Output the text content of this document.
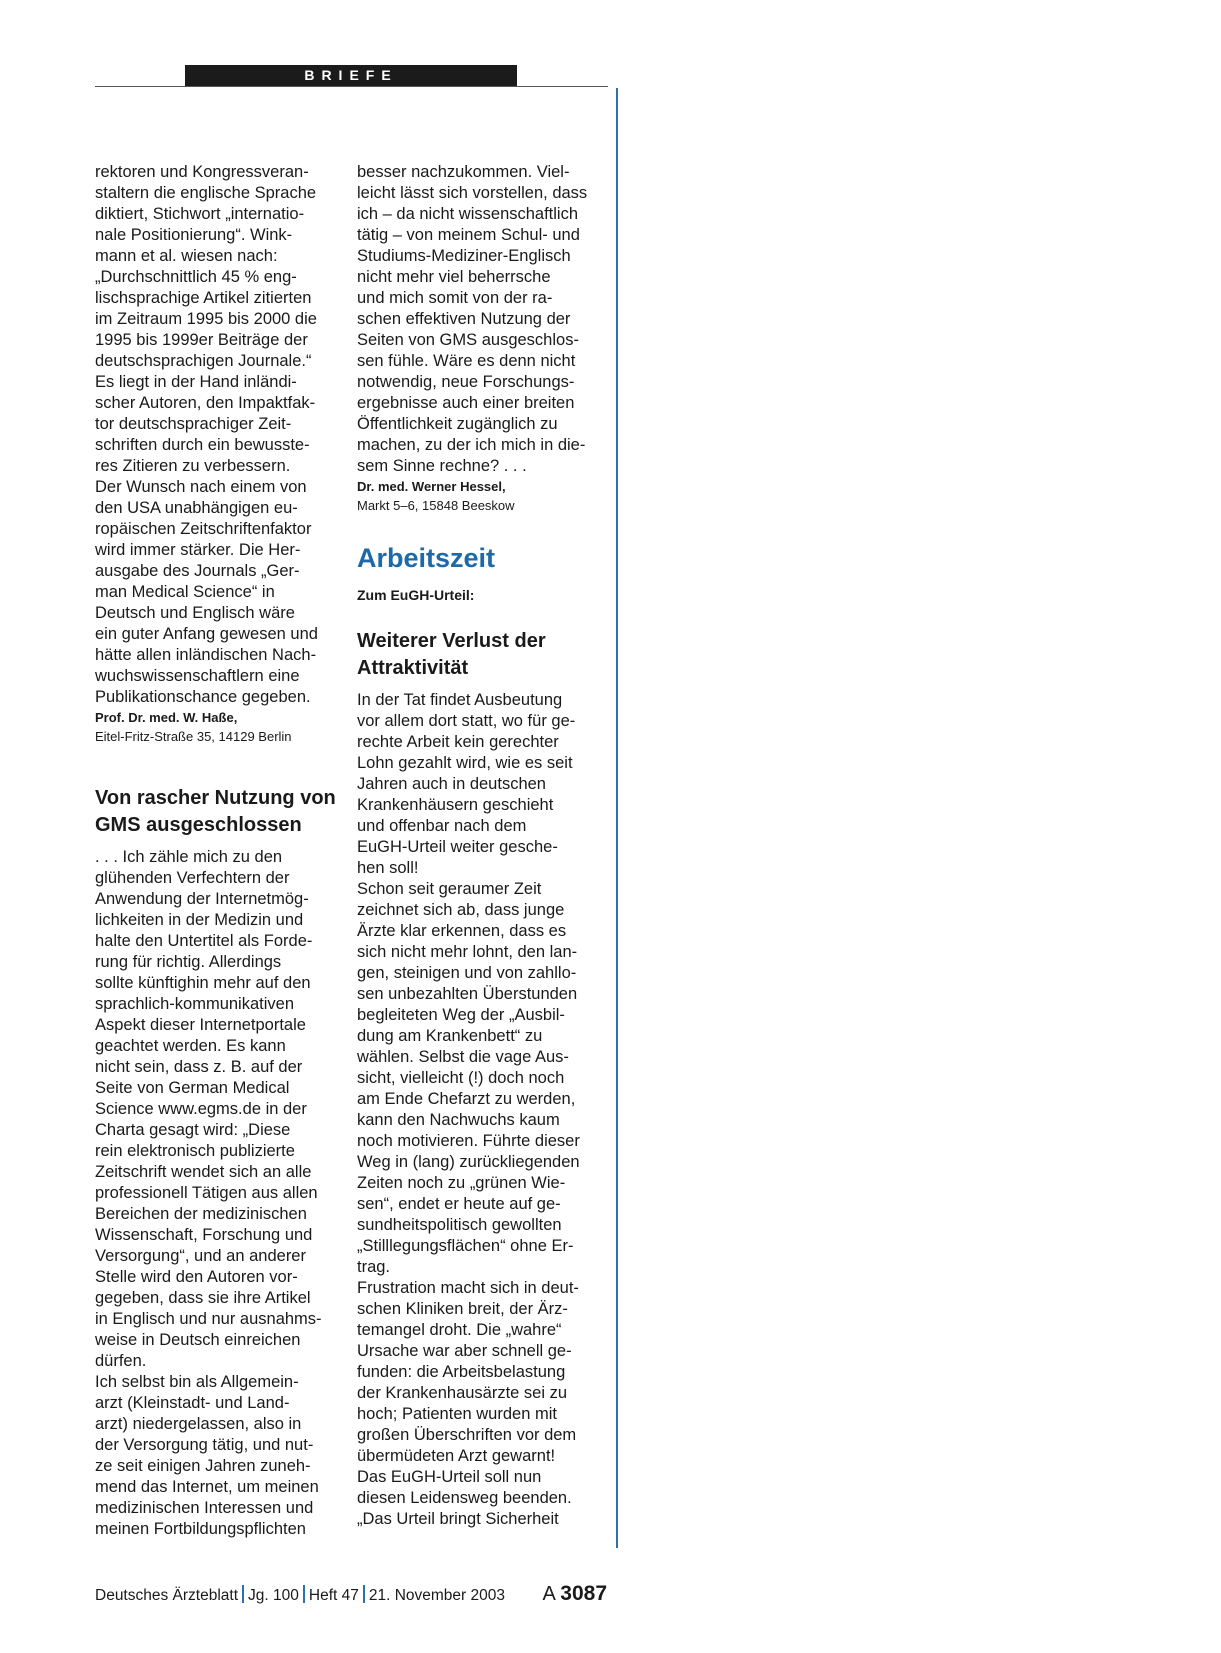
BRIEFE

rektoren und Kongressveran-

staltern die englische Sprache

diktiert, Stichwort „internatio-

nale Positionierung“. Wink-

mann et al. wiesen nach:

„Durchschnittlich 45 % eng-

lischsprachige Artikel zitierten

im Zeitraum 1995 bis 2000 die

1995 bis 1999er Beiträge der

deutschsprachigen Journale.“

Es liegt in der Hand inländi-

scher Autoren, den Impaktfak-

tor deutschsprachiger Zeit-

schriften durch ein bewusste-

res Zitieren zu verbessern.

Der Wunsch nach einem von

den USA unabhängigen eu-

ropäischen Zeitschriftenfaktor

wird immer stärker. Die Her-

ausgabe des Journals „Ger-

man Medical Science“ in

Deutsch und Englisch wäre

ein guter Anfang gewesen und

hätte allen inländischen Nach-

wuchswissenschaftlern eine

Publikationschance gegeben.

Prof. Dr. med. W. Haße,

Eitel-Fritz-Straße 35, 14129 Berlin

Von rascher Nutzung von

GMS ausgeschlossen

. . . Ich zähle mich zu den

glühenden Verfechtern der

Anwendung der Internetmög-

lichkeiten in der Medizin und

halte den Untertitel als Forde-

rung für richtig. Allerdings

sollte künftighin mehr auf den

sprachlich-kommunikativen

Aspekt dieser Internetportale

geachtet werden. Es kann

nicht sein, dass z. B. auf der

Seite von German Medical

Science www.egms.de in der

Charta gesagt wird: „Diese

rein elektronisch publizierte

Zeitschrift wendet sich an alle

professionell Tätigen aus allen

Bereichen der medizinischen

Wissenschaft, Forschung und

Versorgung“, und an anderer

Stelle wird den Autoren vor-

gegeben, dass sie ihre Artikel

in Englisch und nur ausnahms-

weise in Deutsch einreichen

dürfen.

Ich selbst bin als Allgemein-

arzt (Kleinstadt- und Land-

arzt) niedergelassen, also in

der Versorgung tätig, und nut-

ze seit einigen Jahren zuneh-

mend das Internet, um meinen

medizinischen Interessen und

meinen Fortbildungspflichten

besser nachzukommen. Viel-

leicht lässt sich vorstellen, dass

ich – da nicht wissenschaftlich

tätig – von meinem Schul- und

Studiums-Mediziner-Englisch

nicht mehr viel beherrsche

und mich somit von der ra-

schen effektiven Nutzung der

Seiten von GMS ausgeschlos-

sen fühle. Wäre es denn nicht

notwendig, neue Forschungs-

ergebnisse auch einer breiten

Öffentlichkeit zugänglich zu

machen, zu der ich mich in die-

sem Sinne rechne? . . .

Dr. med. Werner Hessel,

Markt 5–6, 15848 Beeskow

Arbeitszeit

Zum EuGH-Urteil:

Weiterer Verlust der

Attraktivität

In der Tat findet Ausbeutung

vor allem dort statt, wo für ge-

rechte Arbeit kein gerechter

Lohn gezahlt wird, wie es seit

Jahren auch in deutschen

Krankenhäusern geschieht

und offenbar nach dem

EuGH-Urteil weiter gesche-

hen soll!

Schon seit geraumer Zeit

zeichnet sich ab, dass junge

Ärzte klar erkennen, dass es

sich nicht mehr lohnt, den lan-

gen, steinigen und von zahllo-

sen unbezahlten Überstunden

begleiteten Weg der „Ausbil-

dung am Krankenbett“ zu

wählen. Selbst die vage Aus-

sicht, vielleicht (!) doch noch

am Ende Chefarzt zu werden,

kann den Nachwuchs kaum

noch motivieren. Führte dieser

Weg in (lang) zurückliegenden

Zeiten noch zu „grünen Wie-

sen“, endet er heute auf ge-

sundheitspolitisch gewollten

„Stilllegungsflächen“ ohne Er-

trag.

Frustration macht sich in deut-

schen Kliniken breit, der Ärz-

temangel droht. Die „wahre“

Ursache war aber schnell ge-

funden: die Arbeitsbelastung

der Krankenhausärzte sei zu

hoch; Patienten wurden mit

großen Überschriften vor dem

übermüdeten Arzt gewarnt!

Das EuGH-Urteil soll nun

diesen Leidensweg beenden.

„Das Urteil bringt Sicherheit

Deutsches Ärzteblatt Jg. 100 Heft 47 21. November 2003 A 3087
